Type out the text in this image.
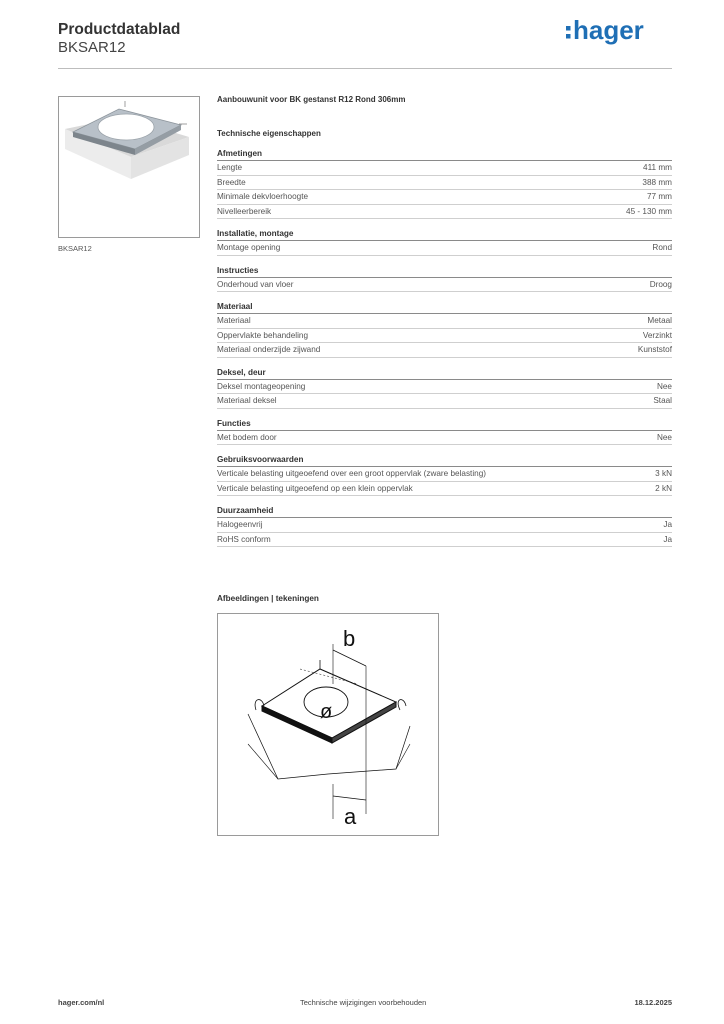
Productdatablad
BKSAR12
hager
BKSAR12
Aanbouwunit voor BK gestanst R12 Rond 306mm
Technische eigenschappen
Afmetingen
Lengte	411 mm
Breedte	388 mm
Minimale dekvloerhoogte	77 mm
Nivelleerbereik	45 - 130 mm
Installatie, montage
Montage opening	Rond
Instructies
Onderhoud van vloer	Droog
Materiaal
Materiaal	Metaal
Oppervlakte behandeling	Verzinkt
Materiaal onderzijde zijwand	Kunststof
Deksel, deur
Deksel montageopening	Nee
Materiaal deksel	Staal
Functies
Met bodem door	Nee
Gebruiksvoorwaarden
Verticale belasting uitgeoefend over een groot oppervlak (zware belasting)	3 kN
Verticale belasting uitgeoefend op een klein oppervlak	2 kN
Duurzaamheid
Halogeenvrij	Ja
RoHS conform	Ja
Afbeeldingen | tekeningen
b
ø
a
hager.com/nl	Technische wijzigingen voorbehouden	18.12.2025
